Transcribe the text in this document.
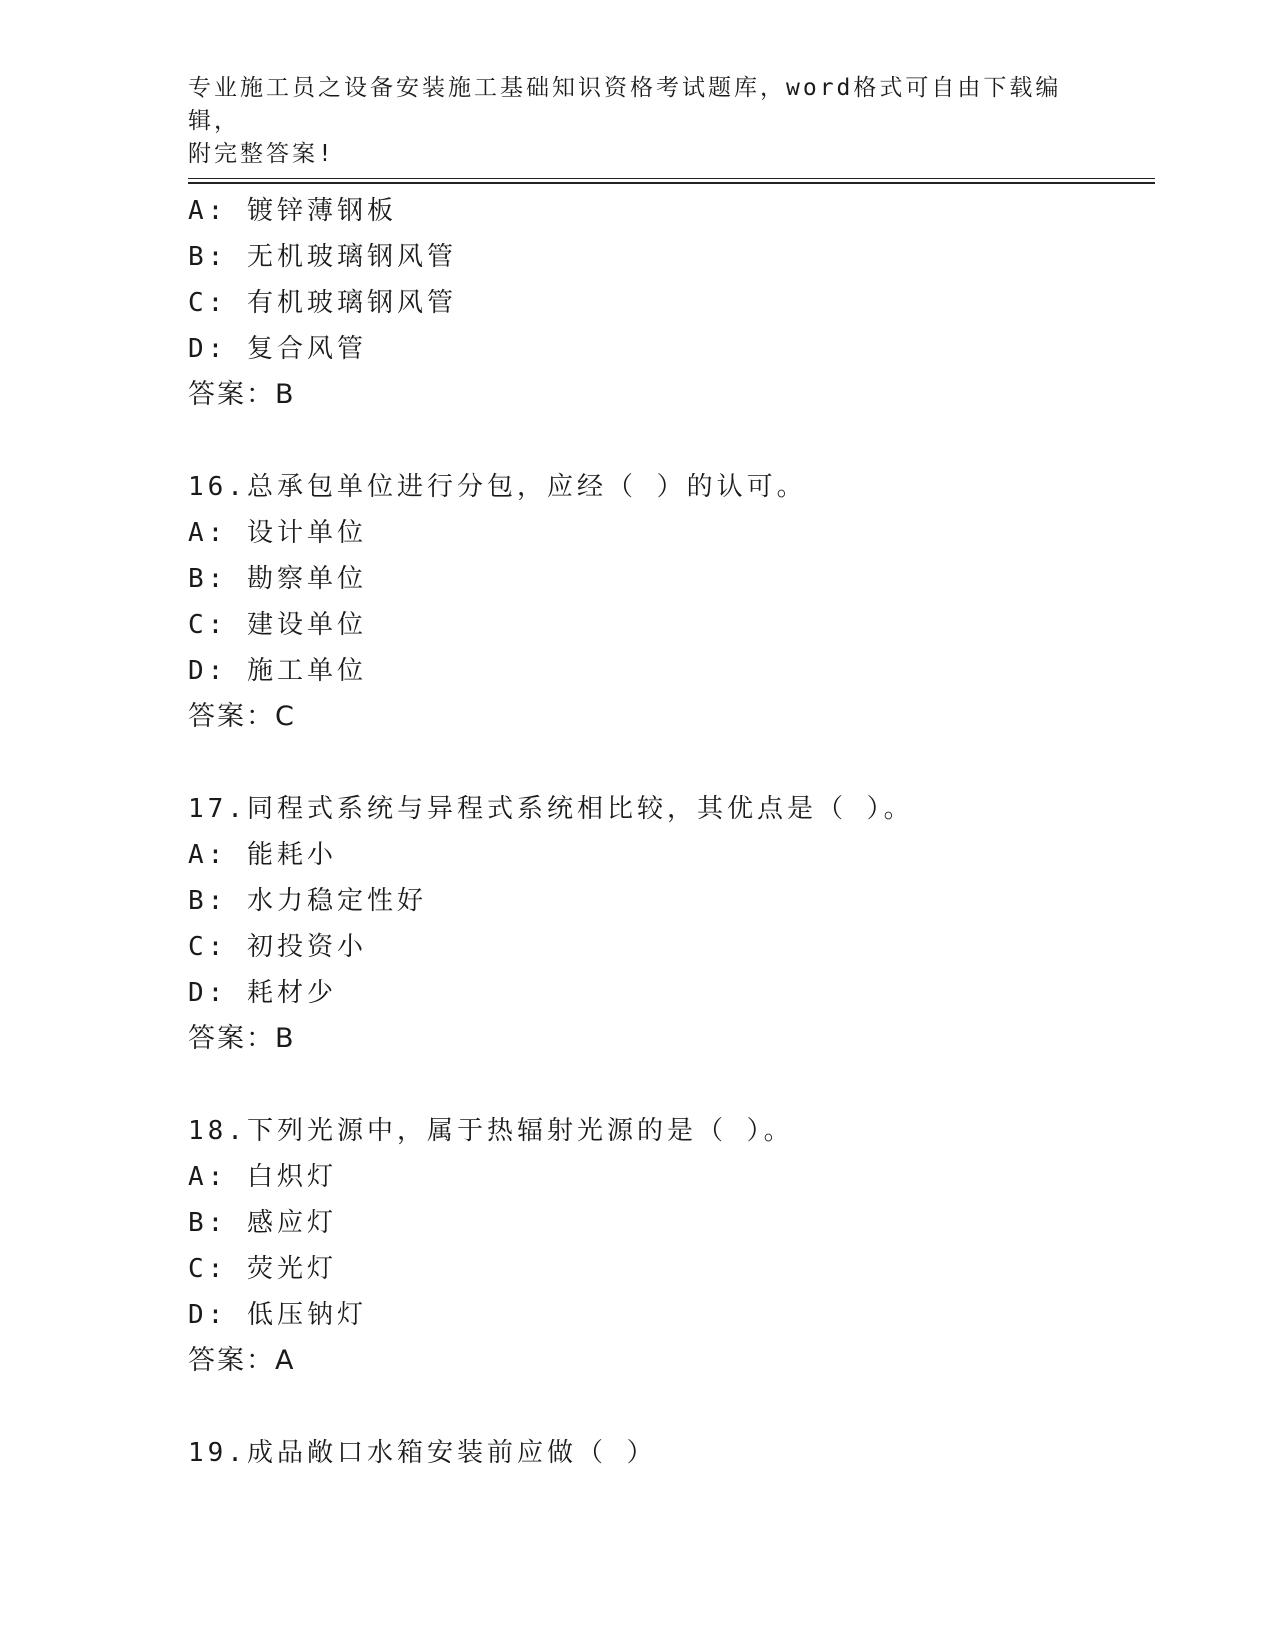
专业施工员之设备安装施工基础知识资格考试题库，word格式可自由下载编辑，
附完整答案!
A: 镀锌薄钢板
B: 无机玻璃钢风管
C: 有机玻璃钢风管
D: 复合风管
答案：B
16.总承包单位进行分包，应经（ ）的认可。
A: 设计单位
B: 勘察单位
C: 建设单位
D: 施工单位
答案：C
17.同程式系统与异程式系统相比较，其优点是（ ）。
A: 能耗小
B: 水力稳定性好
C: 初投资小
D: 耗材少
答案：B
18.下列光源中，属于热辐射光源的是（ ）。
A: 白炽灯
B: 感应灯
C: 荧光灯
D: 低压钠灯
答案：A
19.成品敞口水箱安装前应做（ ）
